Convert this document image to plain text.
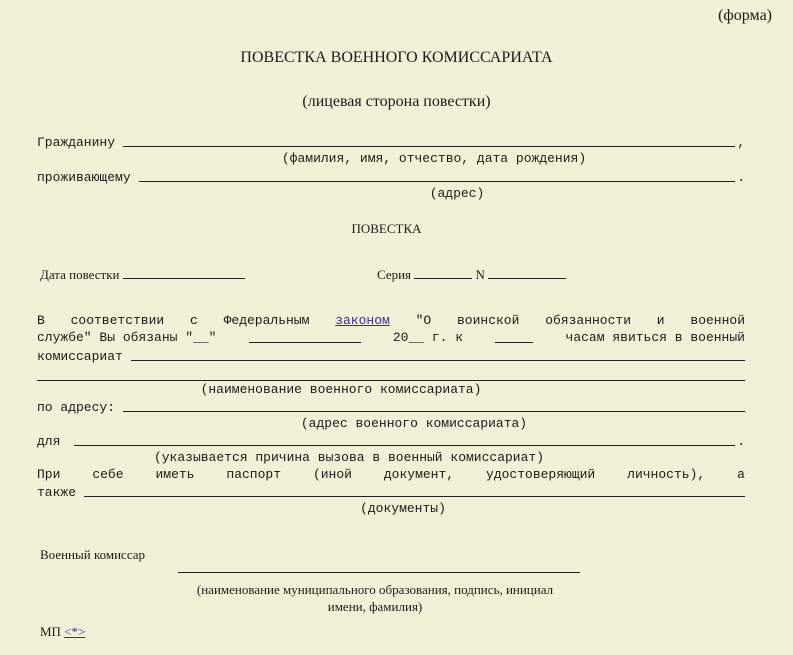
(форма)
ПОВЕСТКА ВОЕННОГО КОМИССАРИАТА
(лицевая сторона повестки)
Гражданину	,
(фамилия, имя, отчество, дата рождения)
проживающему	.
(адрес)
ПОВЕСТКА
Дата повестки	Серия	N
В соответствии с Федеральным законом "О воинской обязанности и военной
службе" Вы обязаны "__"	20__ г. к	часам явиться в военный
комиссариат
(наименование военного комиссариата)
по адресу:
(адрес военного комиссариата)
для	.
(указывается причина вызова в военный комиссариат)
При себе иметь паспорт (иной документ, удостоверяющий личность), а
также
(документы)
Военный комиссар
(наименование муниципального образования, подпись, инициал
имени, фамилия)
МП <*>
